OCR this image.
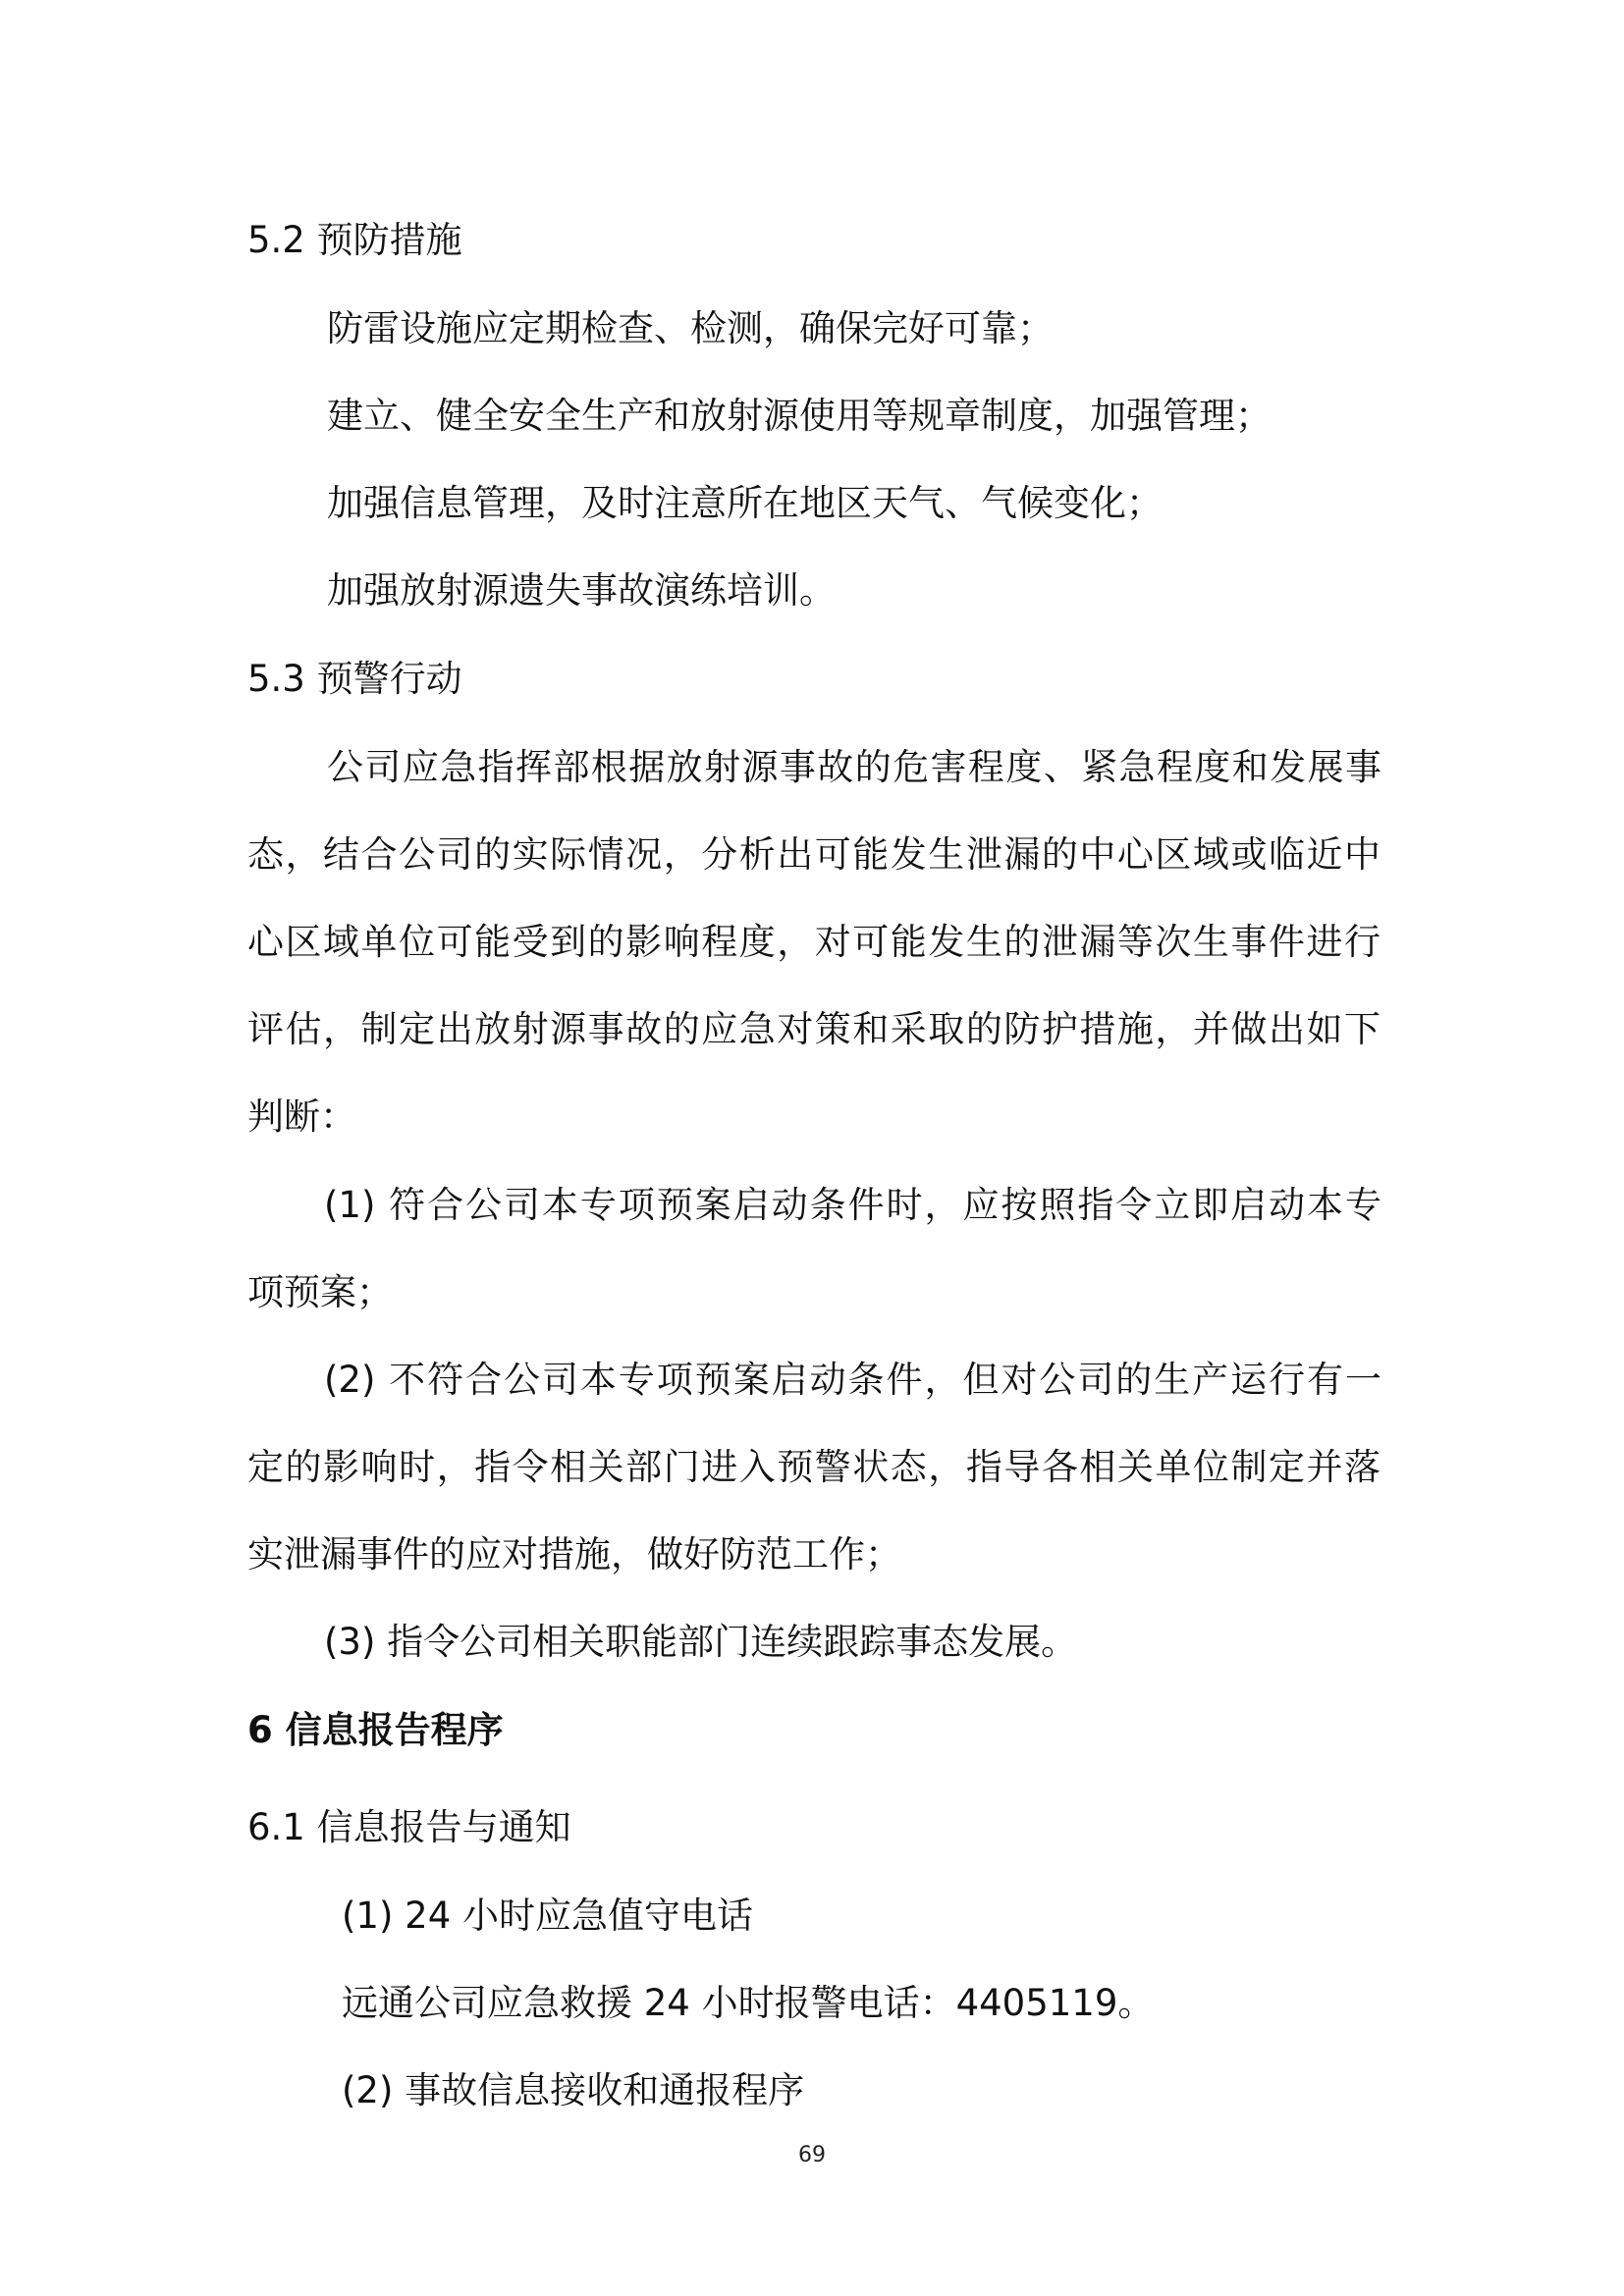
5.2 预防措施
防雷设施应定期检查、检测，确保完好可靠；
建立、健全安全生产和放射源使用等规章制度，加强管理；
加强信息管理，及时注意所在地区天气、气候变化；
加强放射源遗失事故演练培训。
5.3 预警行动
公司应急指挥部根据放射源事故的危害程度、紧急程度和发展事
态，结合公司的实际情况，分析出可能发生泄漏的中心区域或临近中
心区域单位可能受到的影响程度，对可能发生的泄漏等次生事件进行
评估，制定出放射源事故的应急对策和采取的防护措施，并做出如下
判断：
(1) 符合公司本专项预案启动条件时，应按照指令立即启动本专
项预案；
(2) 不符合公司本专项预案启动条件，但对公司的生产运行有一
定的影响时，指令相关部门进入预警状态，指导各相关单位制定并落
实泄漏事件的应对措施，做好防范工作；
(3) 指令公司相关职能部门连续跟踪事态发展。
6 信息报告程序
6.1 信息报告与通知
(1) 24 小时应急值守电话
远通公司应急救援 24 小时报警电话：4405119。
(2) 事故信息接收和通报程序
69
